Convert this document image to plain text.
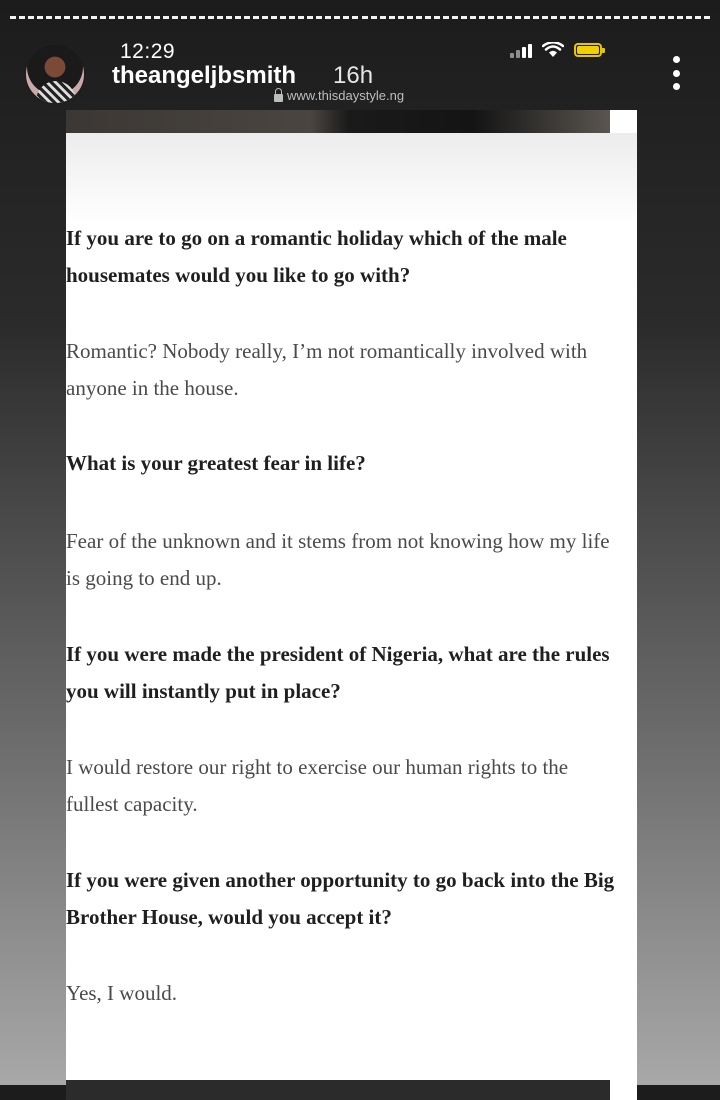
12:29
theangeljbsmith 16h
www.thisdaystyle.ng

If you are to go on a romantic holiday which of the male housemates would you like to go with?

Romantic? Nobody really, I’m not romantically involved with anyone in the house.

What is your greatest fear in life?

Fear of the unknown and it stems from not knowing how my life is going to end up.

If you were made the president of Nigeria, what are the rules you will instantly put in place?

I would restore our right to exercise our human rights to the fullest capacity.

If you were given another opportunity to go back into the Big Brother House, would you accept it?

Yes, I would.
